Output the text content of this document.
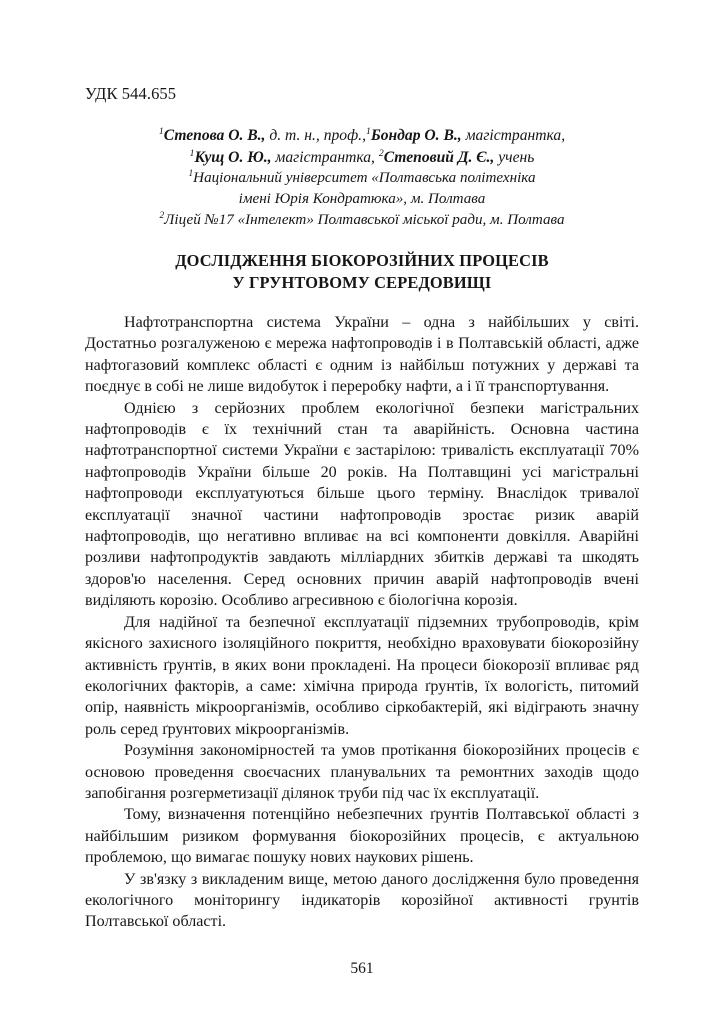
УДК 544.655
$^1$Степова О. В., д. т. н., проф.,$^1$Бондар О. В., магістрантка,
$^1$Кущ О. Ю., магістрантка, $^2$Степовий Д. Є., учень
$^1$Національний університет «Полтавська політехніка
імені Юрія Кондратюка», м. Полтава
$^2$Ліцей №17 «Інтелект» Полтавської міської ради, м. Полтава
ДОСЛІДЖЕННЯ БІОКОРОЗІЙНИХ ПРОЦЕСІВ
У ГРУНТОВОМУ СЕРЕДОВИЩІ

Нафтотранспортна система України – одна з найбільших у світі. Достатньо розгалуженою є мережа нафтопроводів і в Полтавській області, адже нафтогазовий комплекс області є одним із найбільш потужних у державі та поєднує в собі не лише видобуток і переробку нафти, а і її транспортування.

Однією з серйозних проблем екологічної безпеки магістральних нафтопроводів є їх технічний стан та аварійність. Основна частина нафтотранспортної системи України є застарілою: тривалість експлуатації 70% нафтопроводів України більше 20 років. На Полтавщині усі магістральні нафтопроводи експлуатуються більше цього терміну. Внаслідок тривалої експлуатації значної частини нафтопроводів зростає ризик аварій нафтопроводів, що негативно впливає на всі компоненти довкілля. Аварійні розливи нафтопродуктів завдають мілліардних збитків державі та шкодять здоров'ю населення. Серед основних причин аварій нафтопроводів вчені виділяють корозію. Особливо агресивною є біологічна корозія.

Для надійної та безпечної експлуатації підземних трубопроводів, крім якісного захисного ізоляційного покриття, необхідно враховувати біокорозійну активність ґрунтів, в яких вони прокладені. На процеси біокорозії впливає ряд екологічних факторів, а саме: хімічна природа ґрунтів, їх вологість, питомий опір, наявність мікроорганізмів, особливо сіркобактерій, які відіграють значну роль серед ґрунтових мікроорганізмів.

Розуміння закономірностей та умов протікання біокорозійних процесів є основою проведення своєчасних планувальних та ремонтних заходів щодо запобігання розгерметизації ділянок труби під час їх експлуатації.

Тому, визначення потенційно небезпечних ґрунтів Полтавської області з найбільшим ризиком формування біокорозійних процесів, є актуальною проблемою, що вимагає пошуку нових наукових рішень.

У зв'язку з викладеним вище, метою даного дослідження було проведення екологічного моніторингу індикаторів корозійної активності грунтів Полтавської області.

561
